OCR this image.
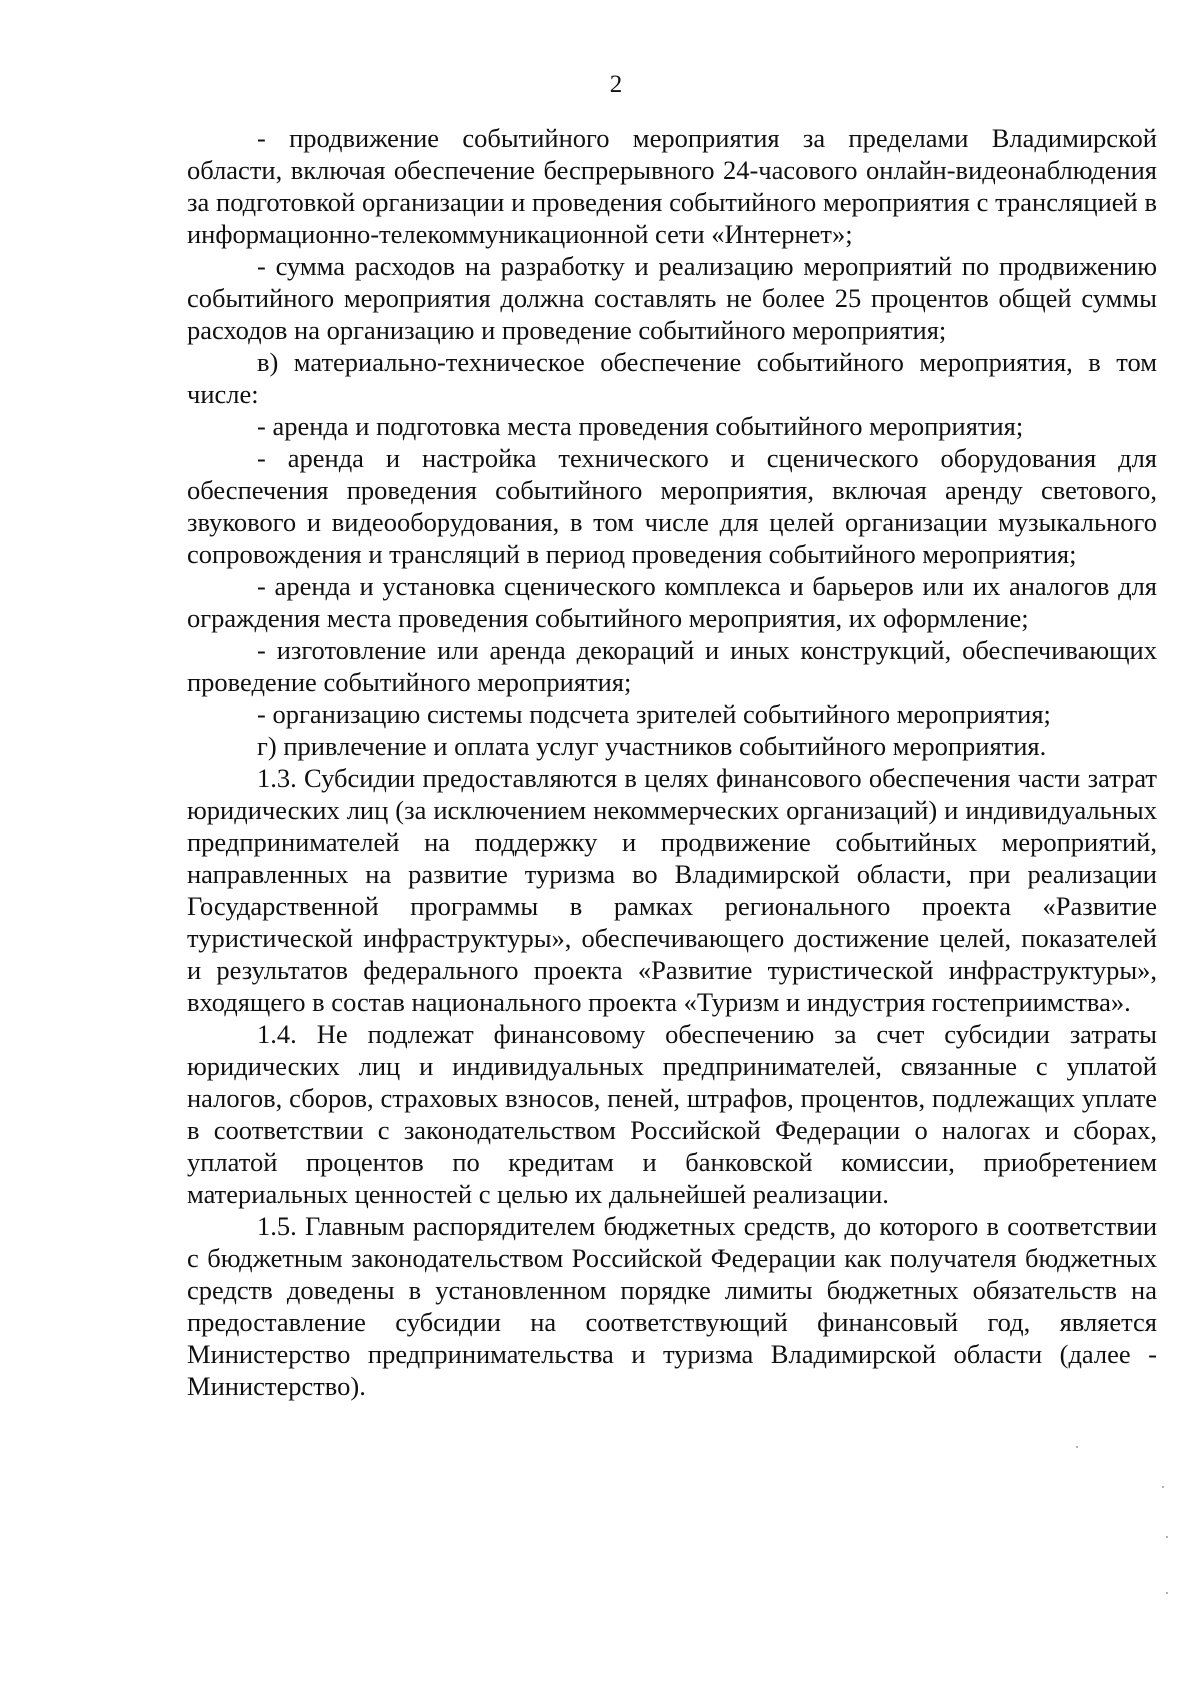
2

- продвижение событийного мероприятия за пределами Владимирской области, включая обеспечение беспрерывного 24-часового онлайн-видеонаблюдения за подготовкой организации и проведения событийного мероприятия с трансляцией в информационно-телекоммуникационной сети «Интернет»;

- сумма расходов на разработку и реализацию мероприятий по продвижению событийного мероприятия должна составлять не более 25 процентов общей суммы расходов на организацию и проведение событийного мероприятия;

в) материально-техническое обеспечение событийного мероприятия, в том числе:

- аренда и подготовка места проведения событийного мероприятия;

- аренда и настройка технического и сценического оборудования для обеспечения проведения событийного мероприятия, включая аренду светового, звукового и видеооборудования, в том числе для целей организации музыкального сопровождения и трансляций в период проведения событийного мероприятия;

- аренда и установка сценического комплекса и барьеров или их аналогов для ограждения места проведения событийного мероприятия, их оформление;

- изготовление или аренда декораций и иных конструкций, обеспечивающих проведение событийного мероприятия;

- организацию системы подсчета зрителей событийного мероприятия;

г) привлечение и оплата услуг участников событийного мероприятия.

1.3. Субсидии предоставляются в целях финансового обеспечения части затрат юридических лиц (за исключением некоммерческих организаций) и индивидуальных предпринимателей на поддержку и продвижение событийных мероприятий, направленных на развитие туризма во Владимирской области, при реализации Государственной программы в рамках регионального проекта «Развитие туристической инфраструктуры», обеспечивающего достижение целей, показателей и результатов федерального проекта «Развитие туристической инфраструктуры», входящего в состав национального проекта «Туризм и индустрия гостеприимства».

1.4. Не подлежат финансовому обеспечению за счет субсидии затраты юридических лиц и индивидуальных предпринимателей, связанные с уплатой налогов, сборов, страховых взносов, пеней, штрафов, процентов, подлежащих уплате в соответствии с законодательством Российской Федерации о налогах и сборах, уплатой процентов по кредитам и банковской комиссии, приобретением материальных ценностей с целью их дальнейшей реализации.

1.5. Главным распорядителем бюджетных средств, до которого в соответствии с бюджетным законодательством Российской Федерации как получателя бюджетных средств доведены в установленном порядке лимиты бюджетных обязательств на предоставление субсидии на соответствующий финансовый год, является Министерство предпринимательства и туризма Владимирской области (далее - Министерство).
